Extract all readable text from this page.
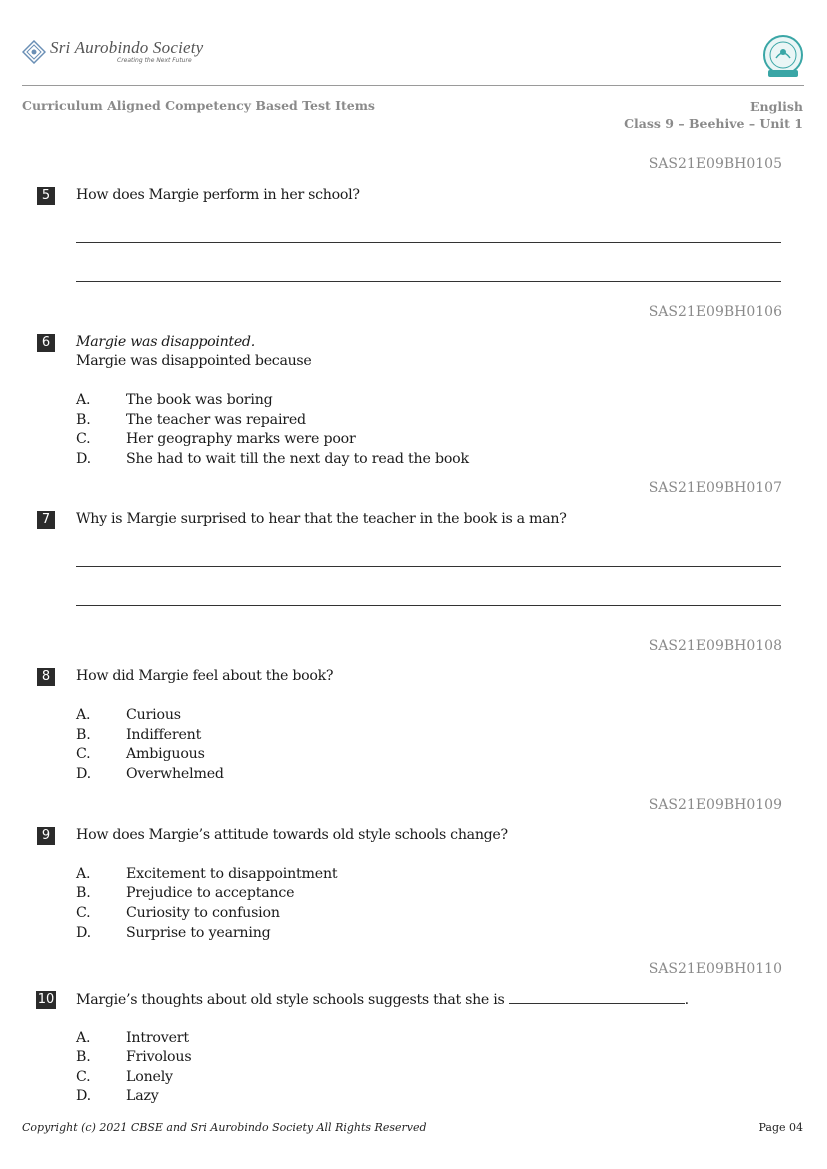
Sri Aurobindo Society
Creating the Next Future
Curriculum Aligned Competency Based Test Items	English
Class 9 – Beehive – Unit 1
SAS21E09BH0105
5	How does Margie perform in her school?
SAS21E09BH0106
6	Margie was disappointed.
Margie was disappointed because
A.	The book was boring
B. The teacher was repaired
C.	Her geography marks were poor
D. She had to wait till the next day to read the book
SAS21E09BH0107
7	Why is Margie surprised to hear that the teacher in the book is a man?
SAS21E09BH0108
8	How did Margie feel about the book?
A.	Curious
B. Indifferent
C.	Ambiguous
D. Overwhelmed
SAS21E09BH0109
9	How does Margie’s attitude towards old style schools change?
A.	Excitement to disappointment
B. Prejudice to acceptance
C.	Curiosity to confusion
D. Surprise to yearning
SAS21E09BH0110
10 Margie’s thoughts about old style schools suggests that she is	.
A.	Introvert
B. Frivolous
C.	Lonely
D. Lazy
Copyright (c) 2021 CBSE and Sri Aurobindo Society All Rights Reserved	Page 04
